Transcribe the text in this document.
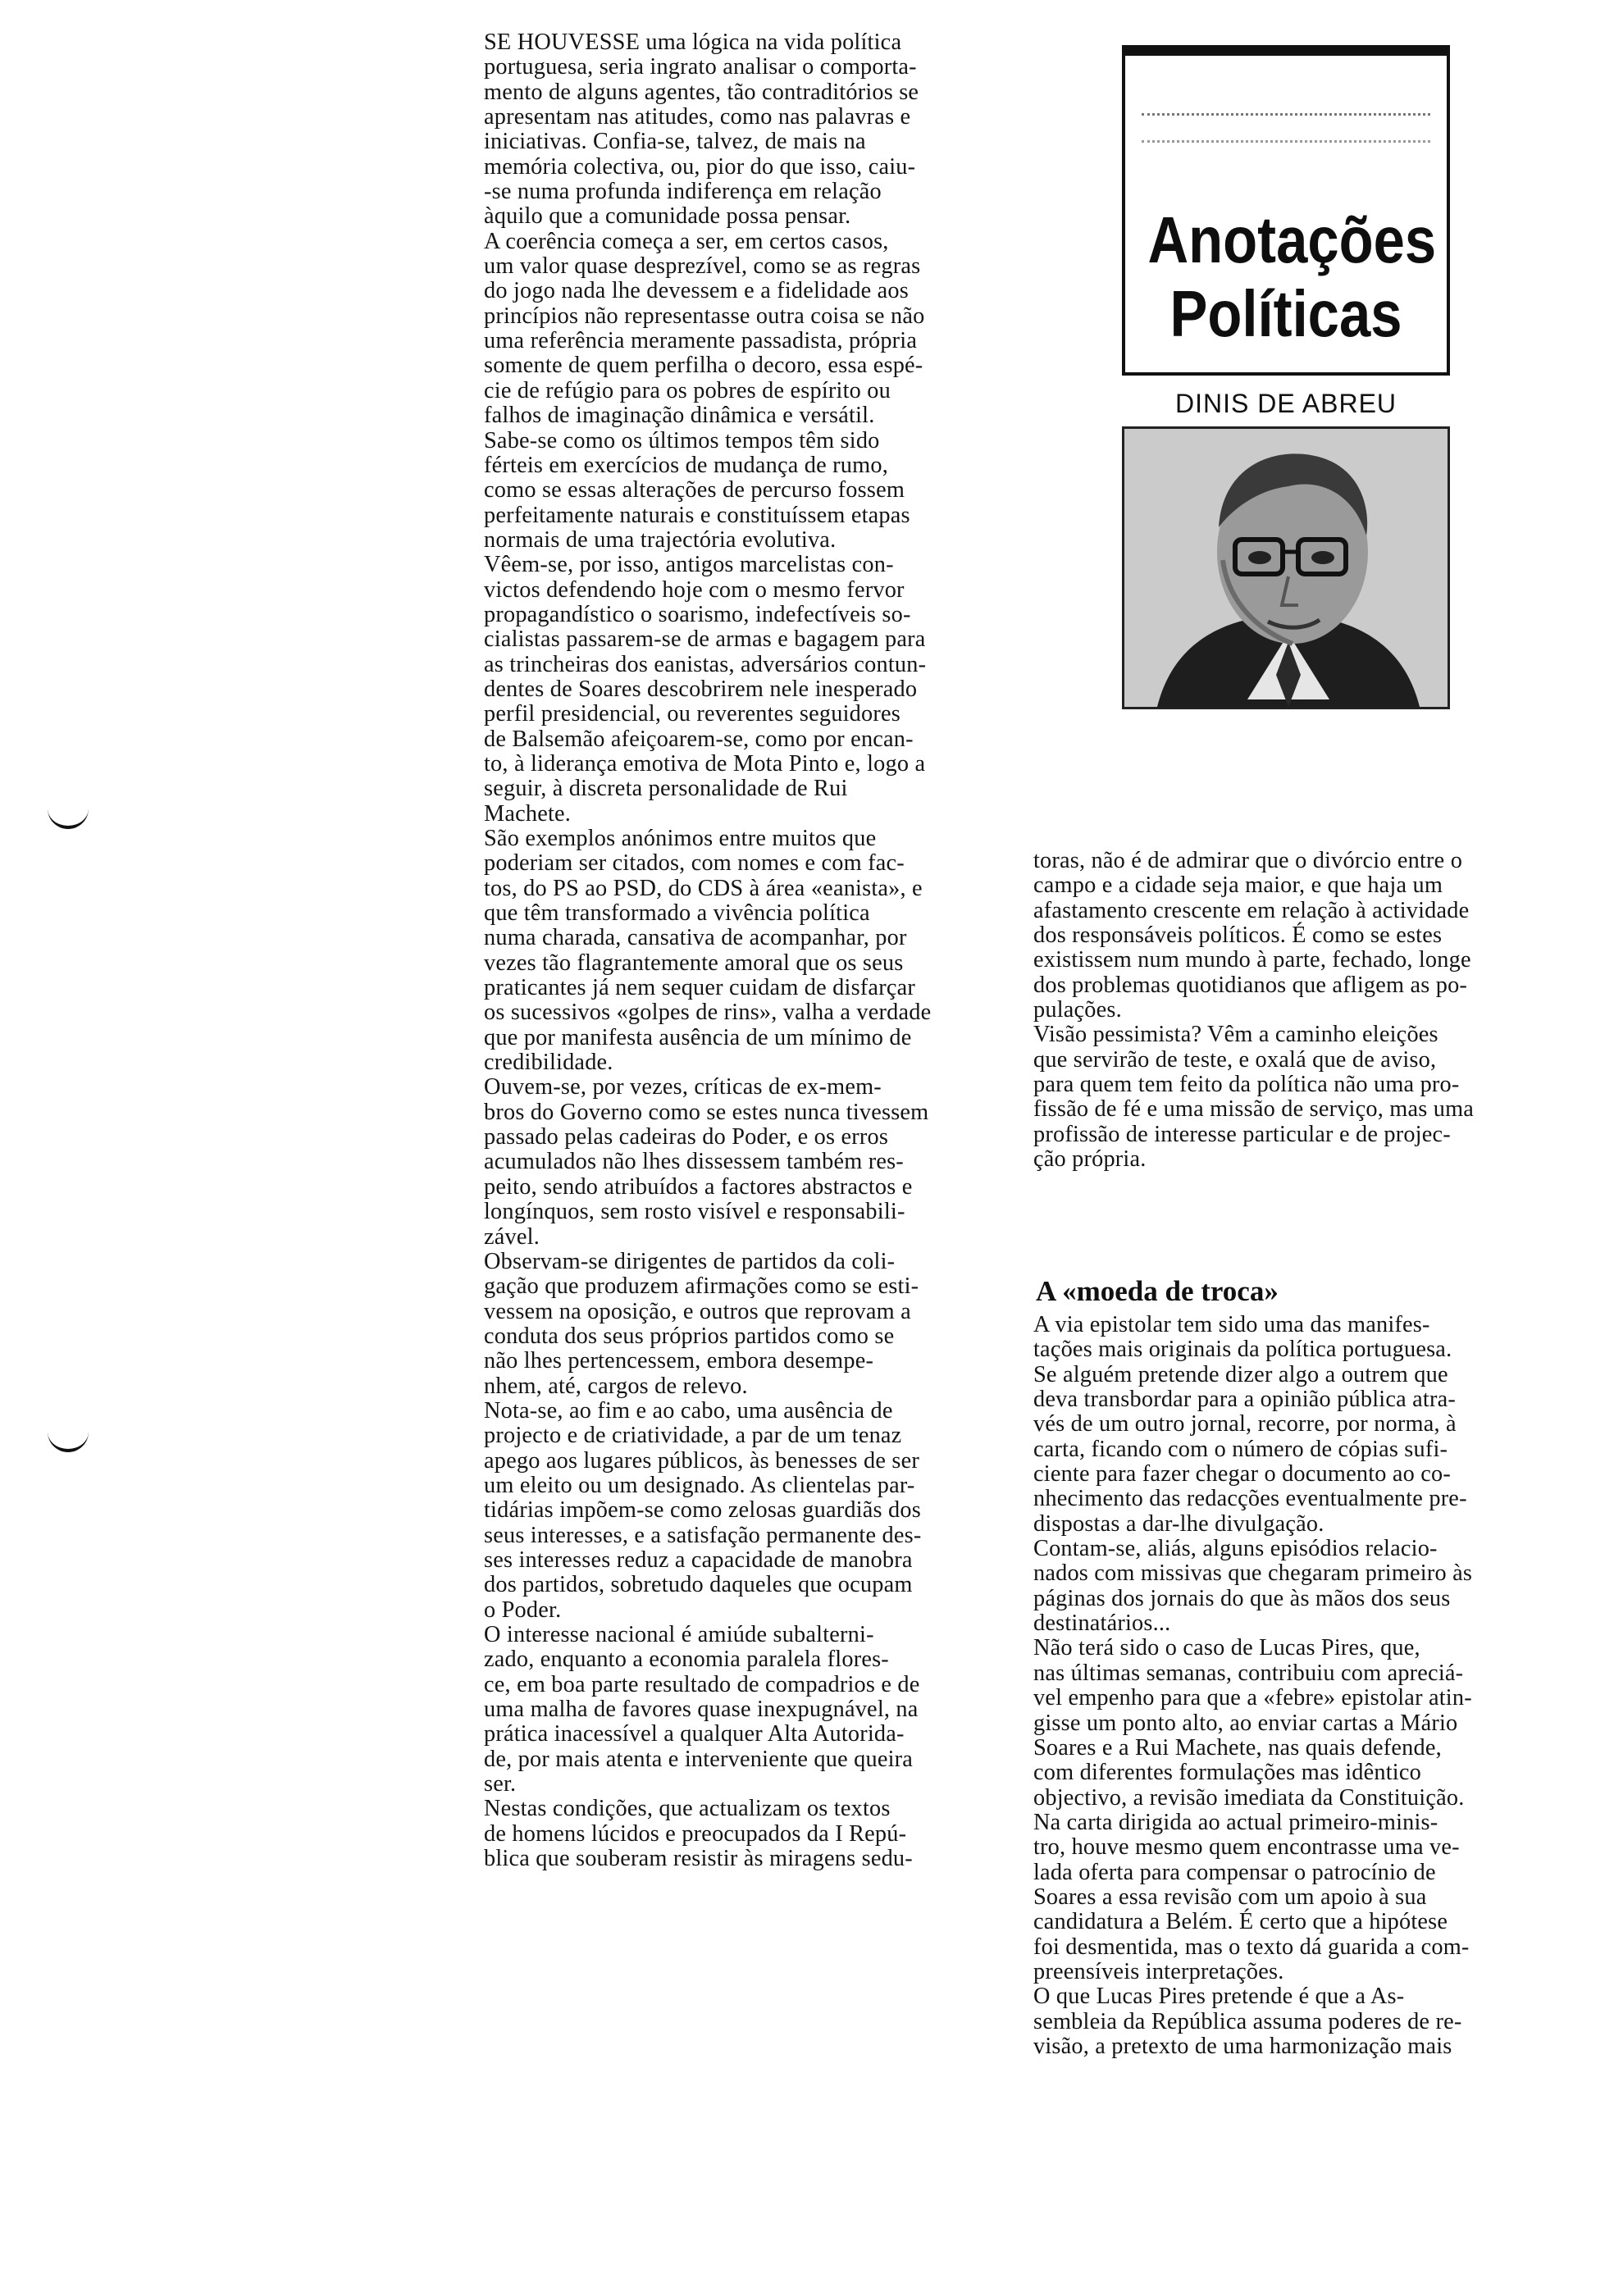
Anotações
Políticas
DINIS DE ABREU

SE HOUVESSE uma lógica na vida política

portuguesa, seria ingrato analisar o comporta-

mento de alguns agentes, tão contraditórios se

apresentam nas atitudes, como nas palavras e

iniciativas. Confia-se, talvez, de mais na

memória colectiva, ou, pior do que isso, caiu-

-se numa profunda indiferença em relação

àquilo que a comunidade possa pensar.

A coerência começa a ser, em certos casos,

um valor quase desprezível, como se as regras

do jogo nada lhe devessem e a fidelidade aos

princípios não representasse outra coisa se não

uma referência meramente passadista, própria

somente de quem perfilha o decoro, essa espé-

cie de refúgio para os pobres de espírito ou

falhos de imaginação dinâmica e versátil.

Sabe-se como os últimos tempos têm sido

férteis em exercícios de mudança de rumo,

como se essas alterações de percurso fossem

perfeitamente naturais e constituíssem etapas

normais de uma trajectória evolutiva.

Vêem-se, por isso, antigos marcelistas con-

victos defendendo hoje com o mesmo fervor

propagandístico o soarismo, indefectíveis so-

cialistas passarem-se de armas e bagagem para

as trincheiras dos eanistas, adversários contun-

dentes de Soares descobrirem nele inesperado

perfil presidencial, ou reverentes seguidores

de Balsemão afeiçoarem-se, como por encan-

to, à liderança emotiva de Mota Pinto e, logo a

seguir, à discreta personalidade de Rui

Machete.

São exemplos anónimos entre muitos que

poderiam ser citados, com nomes e com fac-

tos, do PS ao PSD, do CDS à área «eanista», e

que têm transformado a vivência política

numa charada, cansativa de acompanhar, por

vezes tão flagrantemente amoral que os seus

praticantes já nem sequer cuidam de disfarçar

os sucessivos «golpes de rins», valha a verdade

que por manifesta ausência de um mínimo de

credibilidade.

Ouvem-se, por vezes, críticas de ex-mem-

bros do Governo como se estes nunca tivessem

passado pelas cadeiras do Poder, e os erros

acumulados não lhes dissessem também res-

peito, sendo atribuídos a factores abstractos e

longínquos, sem rosto visível e responsabili-

zável.

Observam-se dirigentes de partidos da coli-

gação que produzem afirmações como se esti-

vessem na oposição, e outros que reprovam a

conduta dos seus próprios partidos como se

não lhes pertencessem, embora desempe-

nhem, até, cargos de relevo.

Nota-se, ao fim e ao cabo, uma ausência de

projecto e de criatividade, a par de um tenaz

apego aos lugares públicos, às benesses de ser

um eleito ou um designado. As clientelas par-

tidárias impõem-se como zelosas guardiãs dos

seus interesses, e a satisfação permanente des-

ses interesses reduz a capacidade de manobra

dos partidos, sobretudo daqueles que ocupam

o Poder.

O interesse nacional é amiúde subalterni-

zado, enquanto a economia paralela flores-

ce, em boa parte resultado de compadrios e de

uma malha de favores quase inexpugnável, na

prática inacessível a qualquer Alta Autorida-

de, por mais atenta e interveniente que queira

ser.

Nestas condições, que actualizam os textos

de homens lúcidos e preocupados da I Repú-

blica que souberam resistir às miragens sedu-

toras, não é de admirar que o divórcio entre o

campo e a cidade seja maior, e que haja um

afastamento crescente em relação à actividade

dos responsáveis políticos. É como se estes

existissem num mundo à parte, fechado, longe

dos problemas quotidianos que afligem as po-

pulações.

Visão pessimista? Vêm a caminho eleições

que servirão de teste, e oxalá que de aviso,

para quem tem feito da política não uma pro-

fissão de fé e uma missão de serviço, mas uma

profissão de interesse particular e de projec-

ção própria.

A «moeda de troca»

A via epistolar tem sido uma das manifes-

tações mais originais da política portuguesa.

Se alguém pretende dizer algo a outrem que

deva transbordar para a opinião pública atra-

vés de um outro jornal, recorre, por norma, à

carta, ficando com o número de cópias sufi-

ciente para fazer chegar o documento ao co-

nhecimento das redacções eventualmente pre-

dispostas a dar-lhe divulgação.

Contam-se, aliás, alguns episódios relacio-

nados com missivas que chegaram primeiro às

páginas dos jornais do que às mãos dos seus

destinatários...

Não terá sido o caso de Lucas Pires, que,

nas últimas semanas, contribuiu com apreciá-

vel empenho para que a «febre» epistolar atin-

gisse um ponto alto, ao enviar cartas a Mário

Soares e a Rui Machete, nas quais defende,

com diferentes formulações mas idêntico

objectivo, a revisão imediata da Constituição.

Na carta dirigida ao actual primeiro-minis-

tro, houve mesmo quem encontrasse uma ve-

lada oferta para compensar o patrocínio de

Soares a essa revisão com um apoio à sua

candidatura a Belém. É certo que a hipótese

foi desmentida, mas o texto dá guarida a com-

preensíveis interpretações.

O que Lucas Pires pretende é que a As-

sembleia da República assuma poderes de re-

visão, a pretexto de uma harmonização mais
